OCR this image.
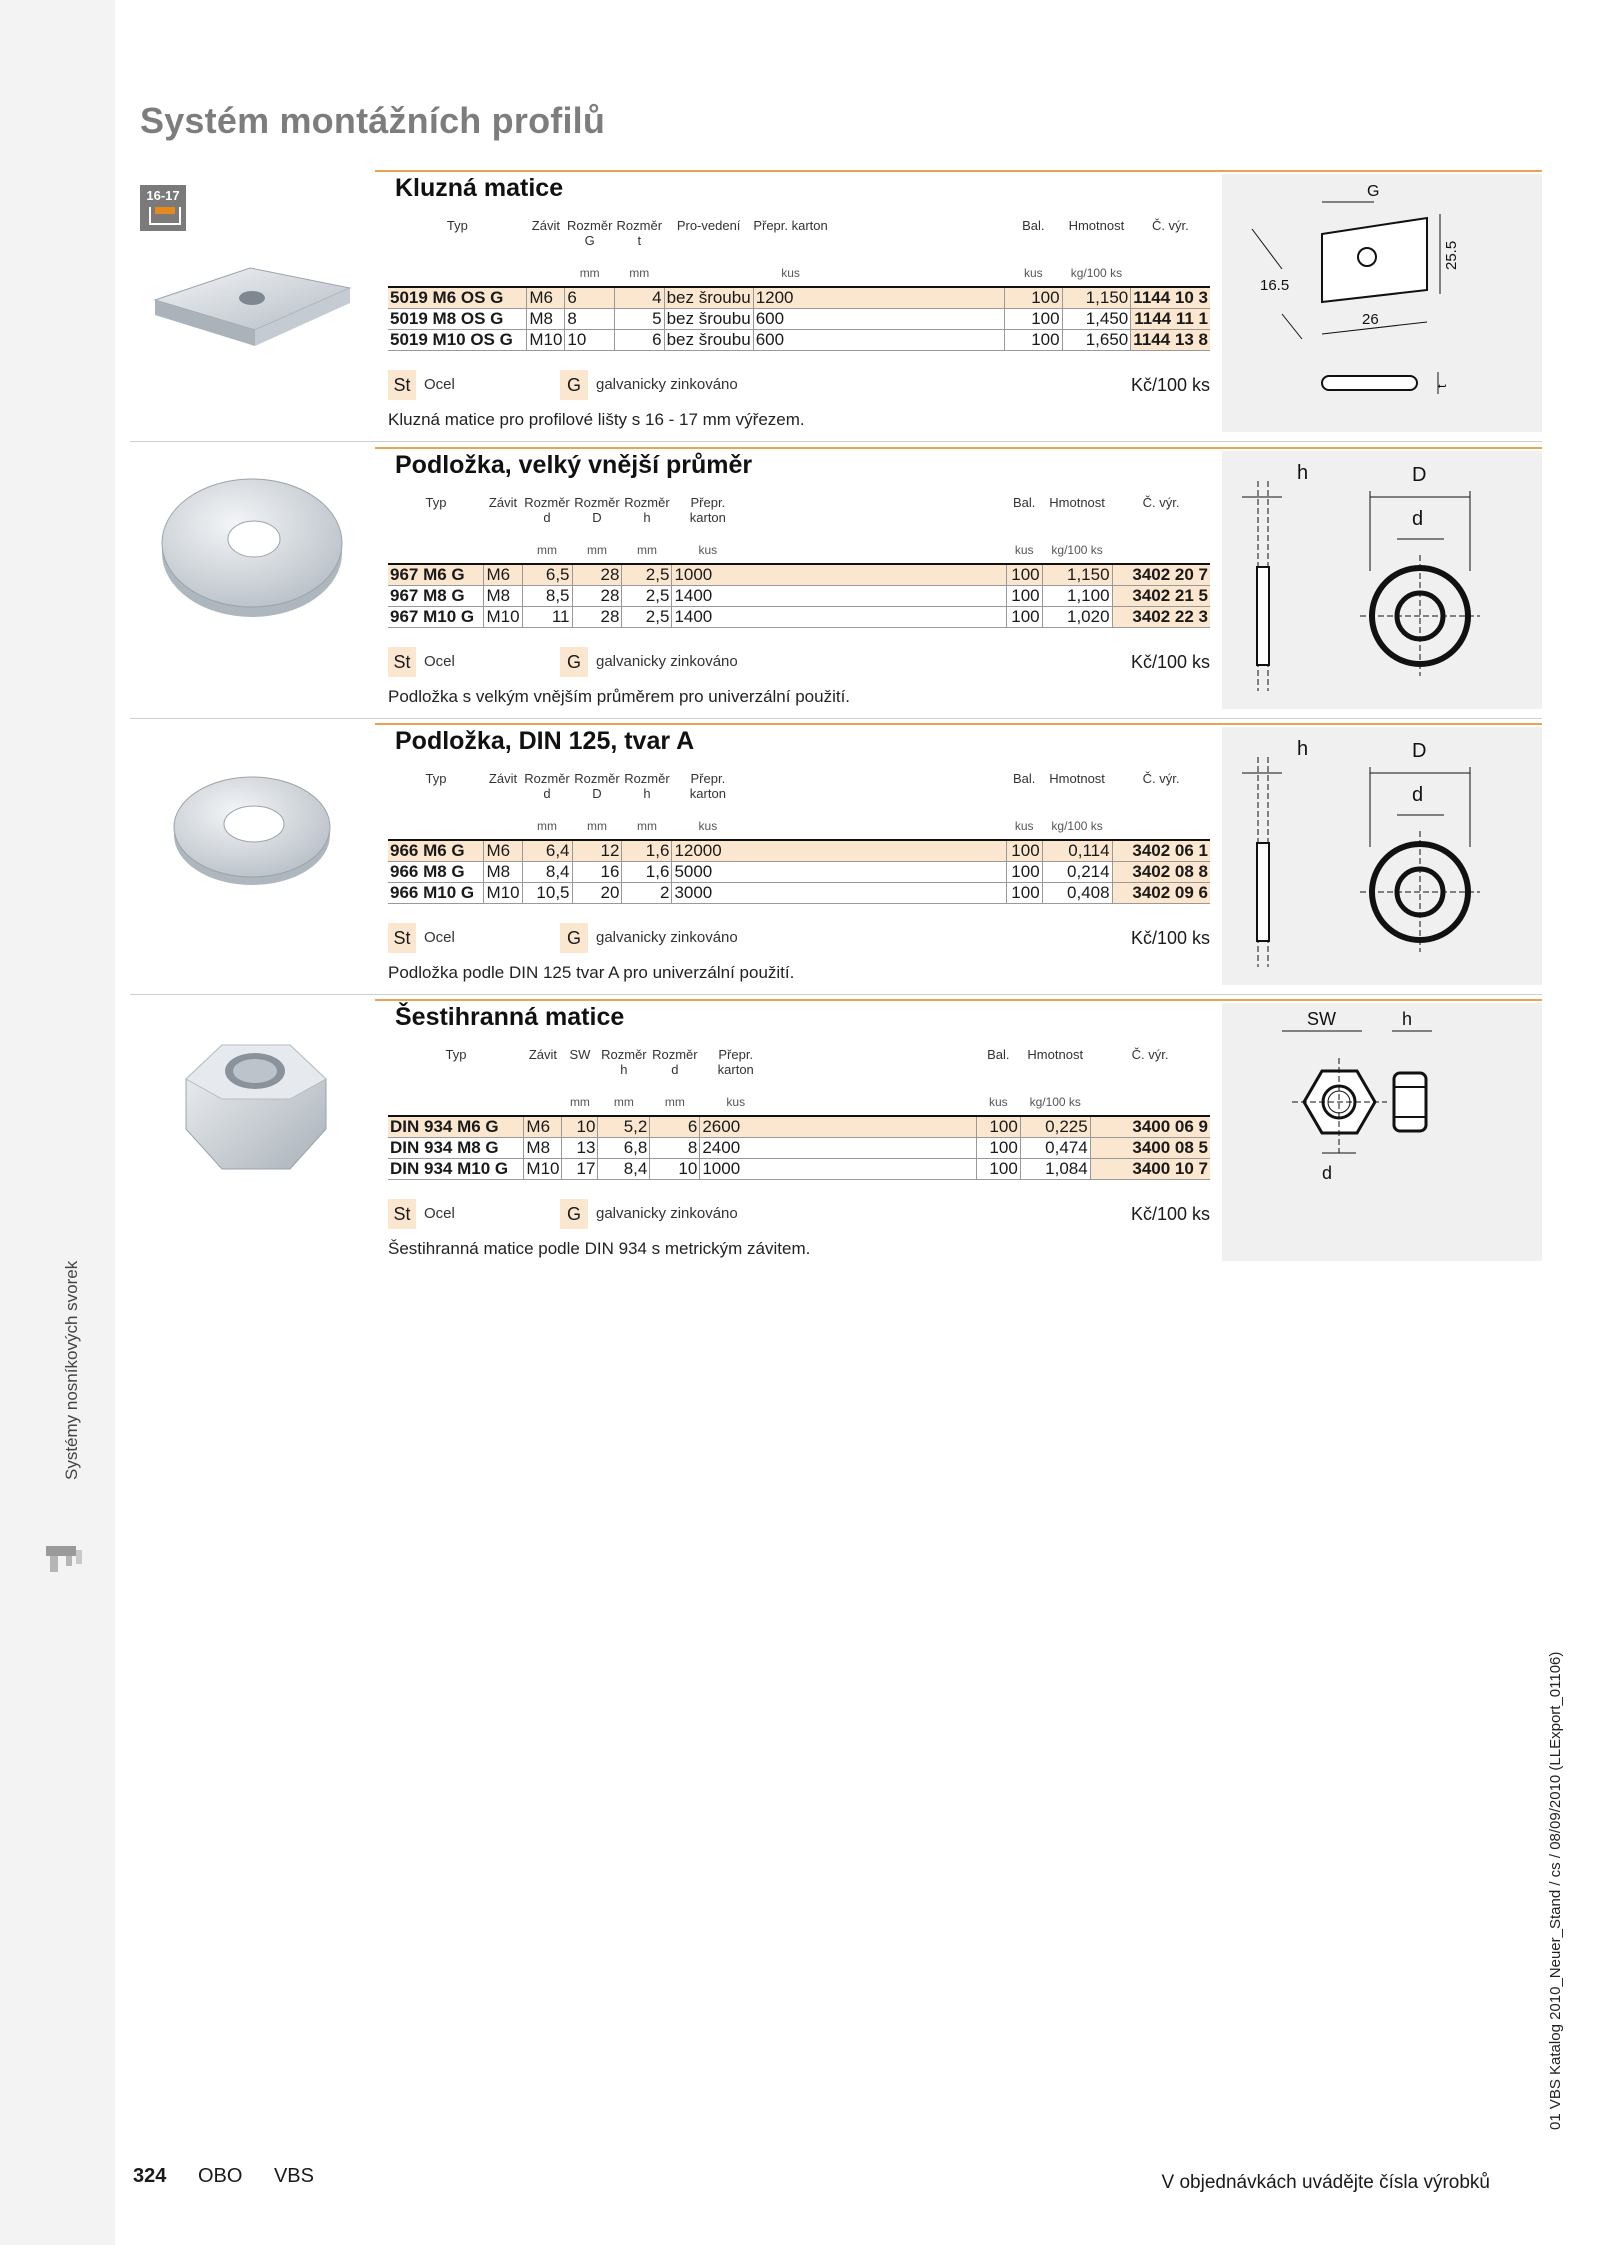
Systém montážních profilů
Systémy nosníkových svorek
16-17	Kluzná matice
Typ	Závit	Rozměr G	Rozměr t	Pro-vedení	Přepr. karton		Bal.	Hmotnost	Č. výr.
		mm	mm		kus		kus	kg/100 ks	
5019 M6 OS G	M6	6	4	bez šroubu	1200		100	1,150	1144 10 3
5019 M8 OS G	M8	8	5	bez šroubu	600		100	1,450	1144 11 1
5019 M10 OS G	M10	10	6	bez šroubu	600		100	1,650	1144 13 8
St Ocel	G	galvanicky zinkováno	Kč/100 ks
Kluzná matice pro profilové lišty s 16 - 17 mm výřezem.
G
25.5
16.5
26
t
Podložka, velký vnější průměr
Typ	Závit	Rozměr d	Rozměr D	Rozměr h	Přepr. karton		Bal.	Hmotnost	Č. výr.
		mm	mm	mm	kus		kus	kg/100 ks	
967 M6 G	M6	6,5	28	2,5	1000		100	1,150	3402 20 7
967 M8 G	M8	8,5	28	2,5	1400		100	1,100	3402 21 5
967 M10 G	M10	11	28	2,5	1400		100	1,020	3402 22 3
St Ocel	G	galvanicky zinkováno	Kč/100 ks
Podložka s velkým vnějším průměrem pro univerzální použití.
h	D
d
Podložka, DIN 125, tvar A
Typ	Závit	Rozměr d	Rozměr D	Rozměr h	Přepr. karton		Bal.	Hmotnost	Č. výr.
		mm	mm	mm	kus		kus	kg/100 ks	
966 M6 G	M6	6,4	12	1,6	12000		100	0,114	3402 06 1
966 M8 G	M8	8,4	16	1,6	5000		100	0,214	3402 08 8
966 M10 G	M10	10,5	20	2	3000		100	0,408	3402 09 6
St Ocel	G	galvanicky zinkováno	Kč/100 ks
Podložka podle DIN 125 tvar A pro univerzální použití.
h	D
d
Šestihranná matice
Typ	Závit	SW	Rozměr h	Rozměr d	Přepr. karton		Bal.	Hmotnost	Č. výr.
		mm	mm	mm	kus		kus	kg/100 ks	
DIN 934 M6 G	M6	10	5,2	6	2600		100	0,225	3400 06 9
DIN 934 M8 G	M8	13	6,8	8	2400		100	0,474	3400 08 5
DIN 934 M10 G	M10	17	8,4	10	1000		100	1,084	3400 10 7
St Ocel	G	galvanicky zinkováno	Kč/100 ks
Šestihranná matice podle DIN 934 s metrickým závitem.
SW	h
d
01 VBS Katalog 2010_Neuer_Stand / cs / 08/09/2010 (LLExport_01106)
324 OBO VBS	V objednávkách uvádějte čísla výrobků
